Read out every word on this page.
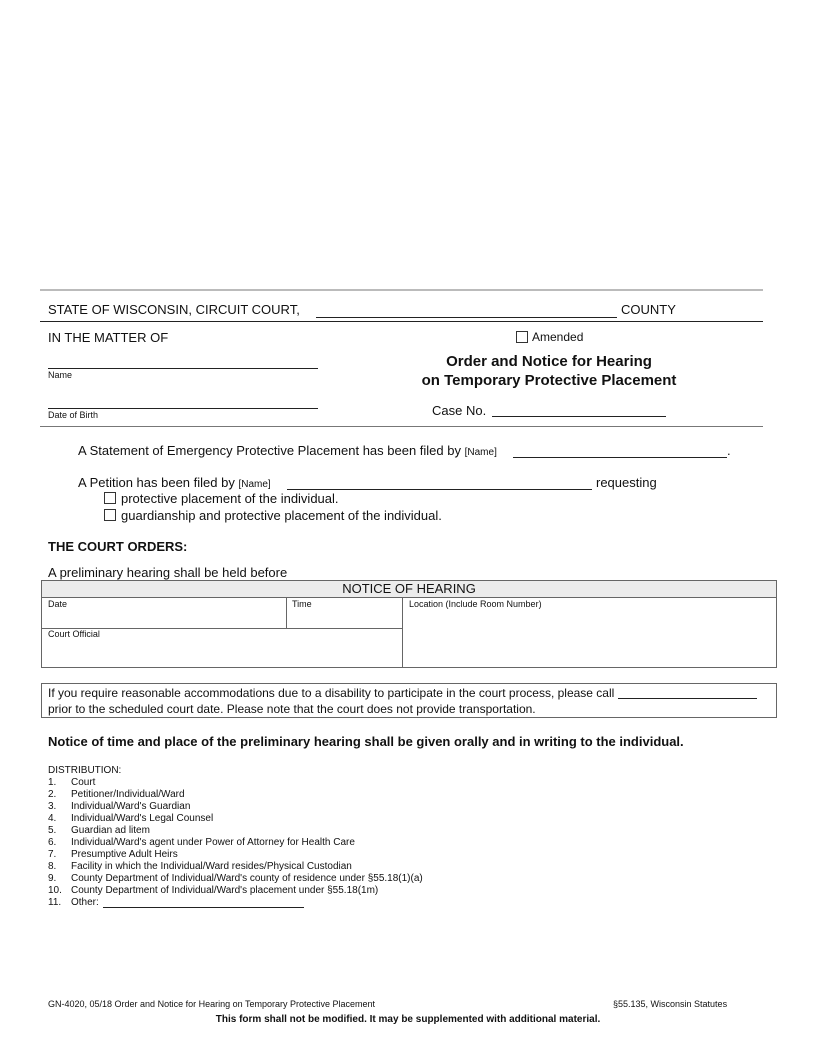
STATE OF WISCONSIN, CIRCUIT COURT,	COUNTY
IN THE MATTER OF	Amended
Order and Notice for Hearing
on Temporary Protective Placement
Name
Date of Birth	Case No.
A Statement of Emergency Protective Placement has been filed by [Name]	.
A Petition has been filed by [Name]	requesting
protective placement of the individual.
guardianship and protective placement of the individual.
THE COURT ORDERS:
A preliminary hearing shall be held before
NOTICE OF HEARING
Date	Time	Location (Include Room Number)
Court Official
If you require reasonable accommodations due to a disability to participate in the court process, please call
prior to the scheduled court date. Please note that the court does not provide transportation.
Notice of time and place of the preliminary hearing shall be given orally and in writing to the individual.
DISTRIBUTION:
1.	Court
2.	Petitioner/Individual/Ward
3.	Individual/Ward's Guardian
4.	Individual/Ward's Legal Counsel
5.	Guardian ad litem
6.	Individual/Ward's agent under Power of Attorney for Health Care
7.	Presumptive Adult Heirs
8.	Facility in which the Individual/Ward resides/Physical Custodian
9.	County Department of Individual/Ward's county of residence under §55.18(1)(a)
10. County Department of Individual/Ward's placement under §55.18(1m)
11. Other:
GN-4020, 05/18 Order and Notice for Hearing on Temporary Protective Placement	§55.135, Wisconsin Statutes
This form shall not be modified. It may be supplemented with additional material.
